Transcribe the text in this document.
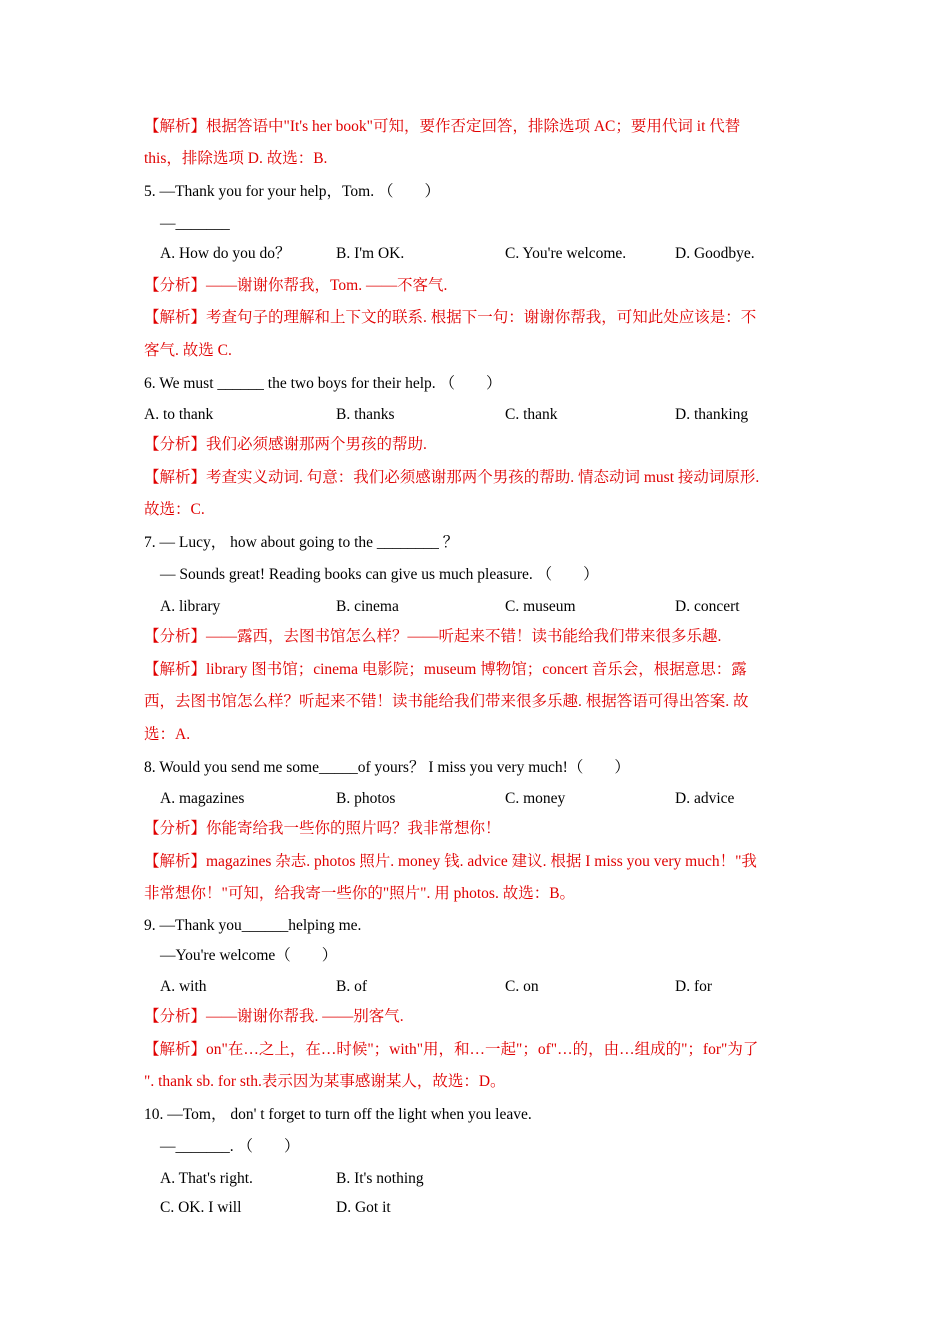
【解析】根据答语中"It's her book"可知，要作否定回答，排除选项 AC；要用代词 it 代替
this，排除选项 D. 故选：B.
5. —Thank you for your help，Tom. （　　）
—_______
A. How do you do？	B. I'm OK.	C. You're welcome.	D. Goodbye.
【分析】——谢谢你帮我，Tom. ——不客气.
【解析】考查句子的理解和上下文的联系. 根据下一句：谢谢你帮我，可知此处应该是：不
客气. 故选 C.
6. We must ______ the two boys for their help. （　　）
A. to thank	B. thanks	C. thank	D. thanking
【分析】我们必须感谢那两个男孩的帮助.
【解析】考查实义动词. 句意：我们必须感谢那两个男孩的帮助. 情态动词 must 接动词原形.
故选：C.
7. — Lucy， how about going to the ________ ？
— Sounds great! Reading books can give us much pleasure. （　　）
A. library	B. cinema	C. museum	D. concert
【分析】——露西，去图书馆怎么样？——听起来不错！读书能给我们带来很多乐趣.
【解析】library 图书馆；cinema 电影院；museum 博物馆；concert 音乐会，根据意思：露
西，去图书馆怎么样？听起来不错！读书能给我们带来很多乐趣. 根据答语可得出答案. 故
选：A.
8. Would you send me some_____of yours？ I miss you very much!（　　）
A. magazines	B. photos	C. money	D. advice
【分析】你能寄给我一些你的照片吗？我非常想你！
【解析】magazines 杂志. photos 照片. money 钱. advice 建议. 根据 I miss you very much！"我
非常想你！"可知，给我寄一些你的"照片". 用 photos. 故选：B。
9. —Thank you______helping me.
—You're welcome（　　）
A. with	B. of	C. on	D. for
【分析】——谢谢你帮我. ——别客气.
【解析】on"在…之上，在…时候"；with"用，和…一起"；of"…的，由…组成的"；for"为了
". thank sb. for sth.表示因为某事感谢某人，故选：D。
10. —Tom， don' t forget to turn off the light when you leave.
—_______. （　　）
A. That's right.	B. It's nothing
C. OK. I will	D. Got it
